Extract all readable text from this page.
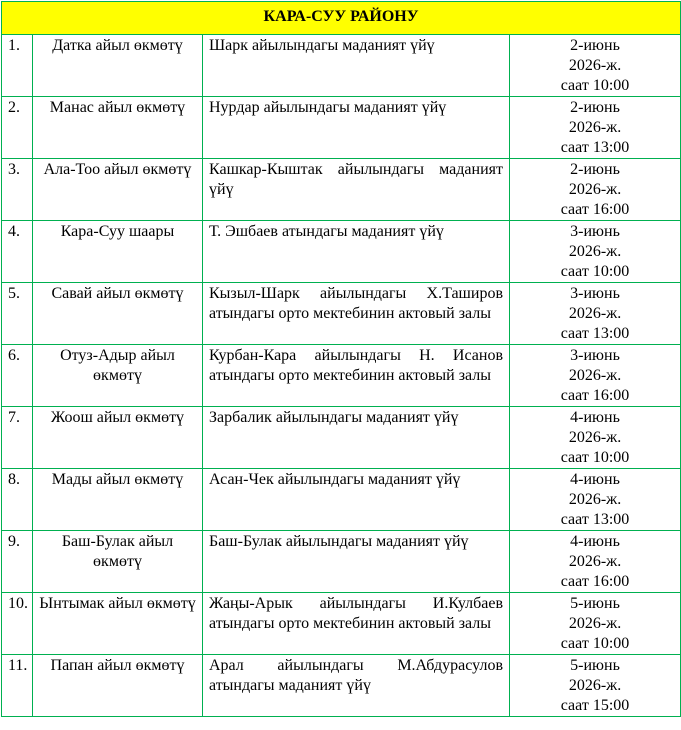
КАРА-СУУ РАЙОНУ			
1.	Датка айыл өкмөтү	Шарк айылындагы маданият үйү	2-июнь
2026-ж.
саат 10:00

2.	Манас айыл өкмөтү	Нурдар айылындагы маданият үйү	2-июнь
2026-ж.
саат 13:00

3.	Ала-Тоо айыл өкмөтү	Кашкар-Кыштак айылындагы маданият үйү	2-июнь
2026-ж.
саат 16:00

4.	Кара-Суу шаары	Т. Эшбаев атындагы маданият үйү	3-июнь
2026-ж.
саат 10:00

5.	Савай айыл өкмөтү	Кызыл-Шарк айылындагы Х.Таширов атындагы орто мектебинин актовый залы	3-июнь
2026-ж.
саат 13:00

6.	Отуз-Адыр айыл өкмөтү	Курбан-Кара айылындагы Н. Исанов атындагы орто мектебинин актовый залы	3-июнь
2026-ж.
саат 16:00

7.	Жоош айыл өкмөтү	Зарбалик айылындагы маданият үйү	4-июнь
2026-ж.
саат 10:00

8.	Мады айыл өкмөтү	Асан-Чек айылындагы маданият үйү	4-июнь
2026-ж.
саат 13:00

9.	Баш-Булак айыл өкмөтү	Баш-Булак айылындагы маданият үйү	4-июнь
2026-ж.
саат 16:00

10.	Ынтымак айыл өкмөтү	Жаңы-Арык айылындагы И.Кулбаев атындагы орто мектебинин актовый залы	5-июнь
2026-ж.
саат 10:00

11.	Папан айыл өкмөтү	Арал айылындагы М.Абдурасулов атындагы маданият үйү	5-июнь
2026-ж.
саат 15:00
